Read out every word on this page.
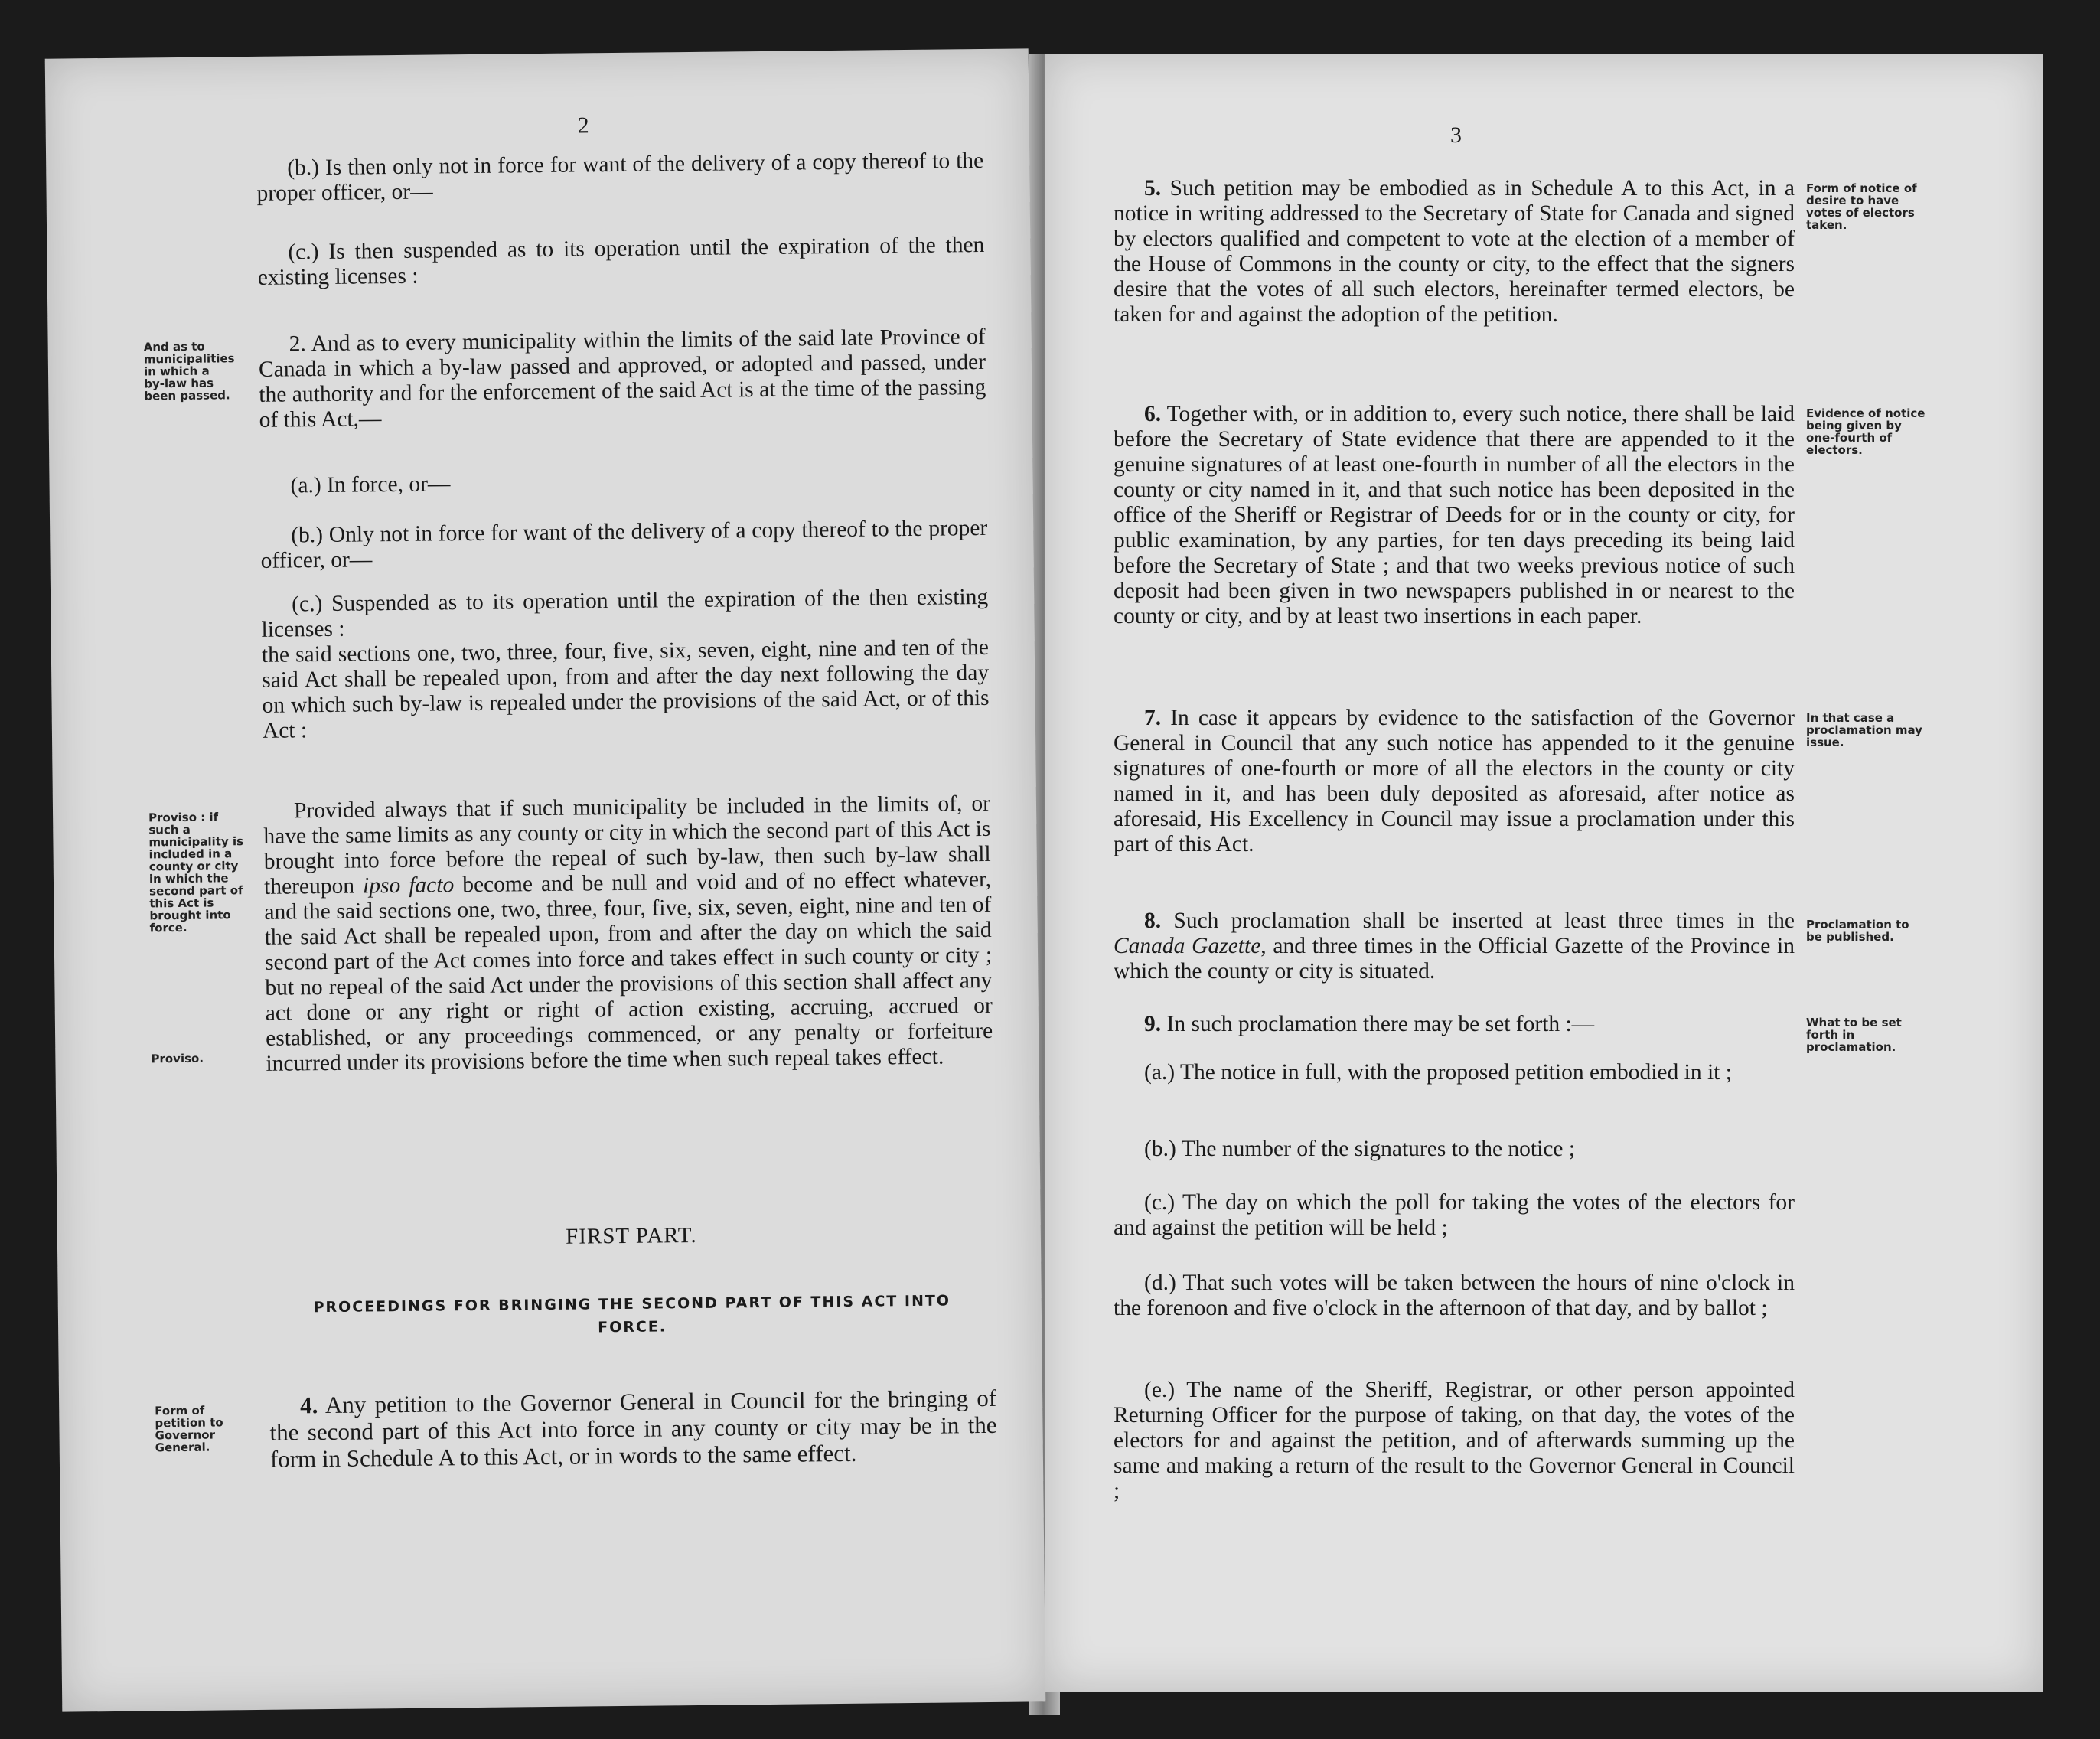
2

(b.) Is then only not in force for want of the delivery of a copy thereof to the proper officer, or—

(c.) Is then suspended as to its operation until the expiration of the then existing licenses :

And as to municipalities in which a by-law has been passed.

2. And as to every municipality within the limits of the said late Province of Canada in which a by-law passed and approved, or adopted and passed, under the authority and for the enforcement of the said Act is at the time of the passing of this Act,—

(a.) In force, or—

(b.) Only not in force for want of the delivery of a copy thereof to the proper officer, or—

(c.) Suspended as to its operation until the expiration of the then existing licenses :

the said sections one, two, three, four, five, six, seven, eight, nine and ten of the said Act shall be repealed upon, from and after the day next following the day on which such by-law is repealed under the provisions of the said Act, or of this Act :

Proviso : if such a municipality is included in a county or city in which the second part of this Act is brought into force.
Proviso.

Provided always that if such municipality be included in the limits of, or have the same limits as any county or city in which the second part of this Act is brought into force before the repeal of such by-law, then such by-law shall thereupon ipso facto become and be null and void and of no effect whatever, and the said sections one, two, three, four, five, six, seven, eight, nine and ten of the said Act shall be repealed upon, from and after the day on which the said second part of the Act comes into force and takes effect in such county or city ; but no repeal of the said Act under the provisions of this section shall affect any act done or any right or right of action existing, accruing, accrued or established, or any proceedings commenced, or any penalty or forfeiture incurred under its provisions before the time when such repeal takes effect.

FIRST PART.
PROCEEDINGS FOR BRINGING THE SECOND PART OF THIS ACT INTO FORCE.
Form of petition to Governor General.

4. Any petition to the Governor General in Council for the bringing of the second part of this Act into force in any county or city may be in the form in Schedule A to this Act, or in words to the same effect.

3

5. Such petition may be embodied as in Schedule A to this Act, in a notice in writing addressed to the Secretary of State for Canada and signed by electors qualified and competent to vote at the election of a member of the House of Commons in the county or city, to the effect that the signers desire that the votes of all such electors, hereinafter termed electors, be taken for and against the adoption of the petition.

Form of notice of desire to have votes of electors taken.

6. Together with, or in addition to, every such notice, there shall be laid before the Secretary of State evidence that there are appended to it the genuine signatures of at least one-fourth in number of all the electors in the county or city named in it, and that such notice has been deposited in the office of the Sheriff or Registrar of Deeds for or in the county or city, for public examination, by any parties, for ten days preceding its being laid before the Secretary of State ; and that two weeks previous notice of such deposit had been given in two newspapers published in or nearest to the county or city, and by at least two insertions in each paper.

Evidence of notice being given by one-fourth of electors.

7. In case it appears by evidence to the satisfaction of the Governor General in Council that any such notice has appended to it the genuine signatures of one-fourth or more of all the electors in the county or city named in it, and has been duly deposited as aforesaid, after notice as aforesaid, His Excellency in Council may issue a proclamation under this part of this Act.

In that case a proclamation may issue.

8. Such proclamation shall be inserted at least three times in the Canada Gazette, and three times in the Official Gazette of the Province in which the county or city is situated.

Proclamation to be published.

9. In such proclamation there may be set forth :—	What to be set forth in proclamation.

(a.) The notice in full, with the proposed petition embodied in it ;

(b.) The number of the signatures to the notice ;

(c.) The day on which the poll for taking the votes of the electors for and against the petition will be held ;

(d.) That such votes will be taken between the hours of nine o'clock in the forenoon and five o'clock in the afternoon of that day, and by ballot ;

(e.) The name of the Sheriff, Registrar, or other person appointed Returning Officer for the purpose of taking, on that day, the votes of the electors for and against the petition, and of afterwards summing up the same and making a return of the result to the Governor General in Council ;
